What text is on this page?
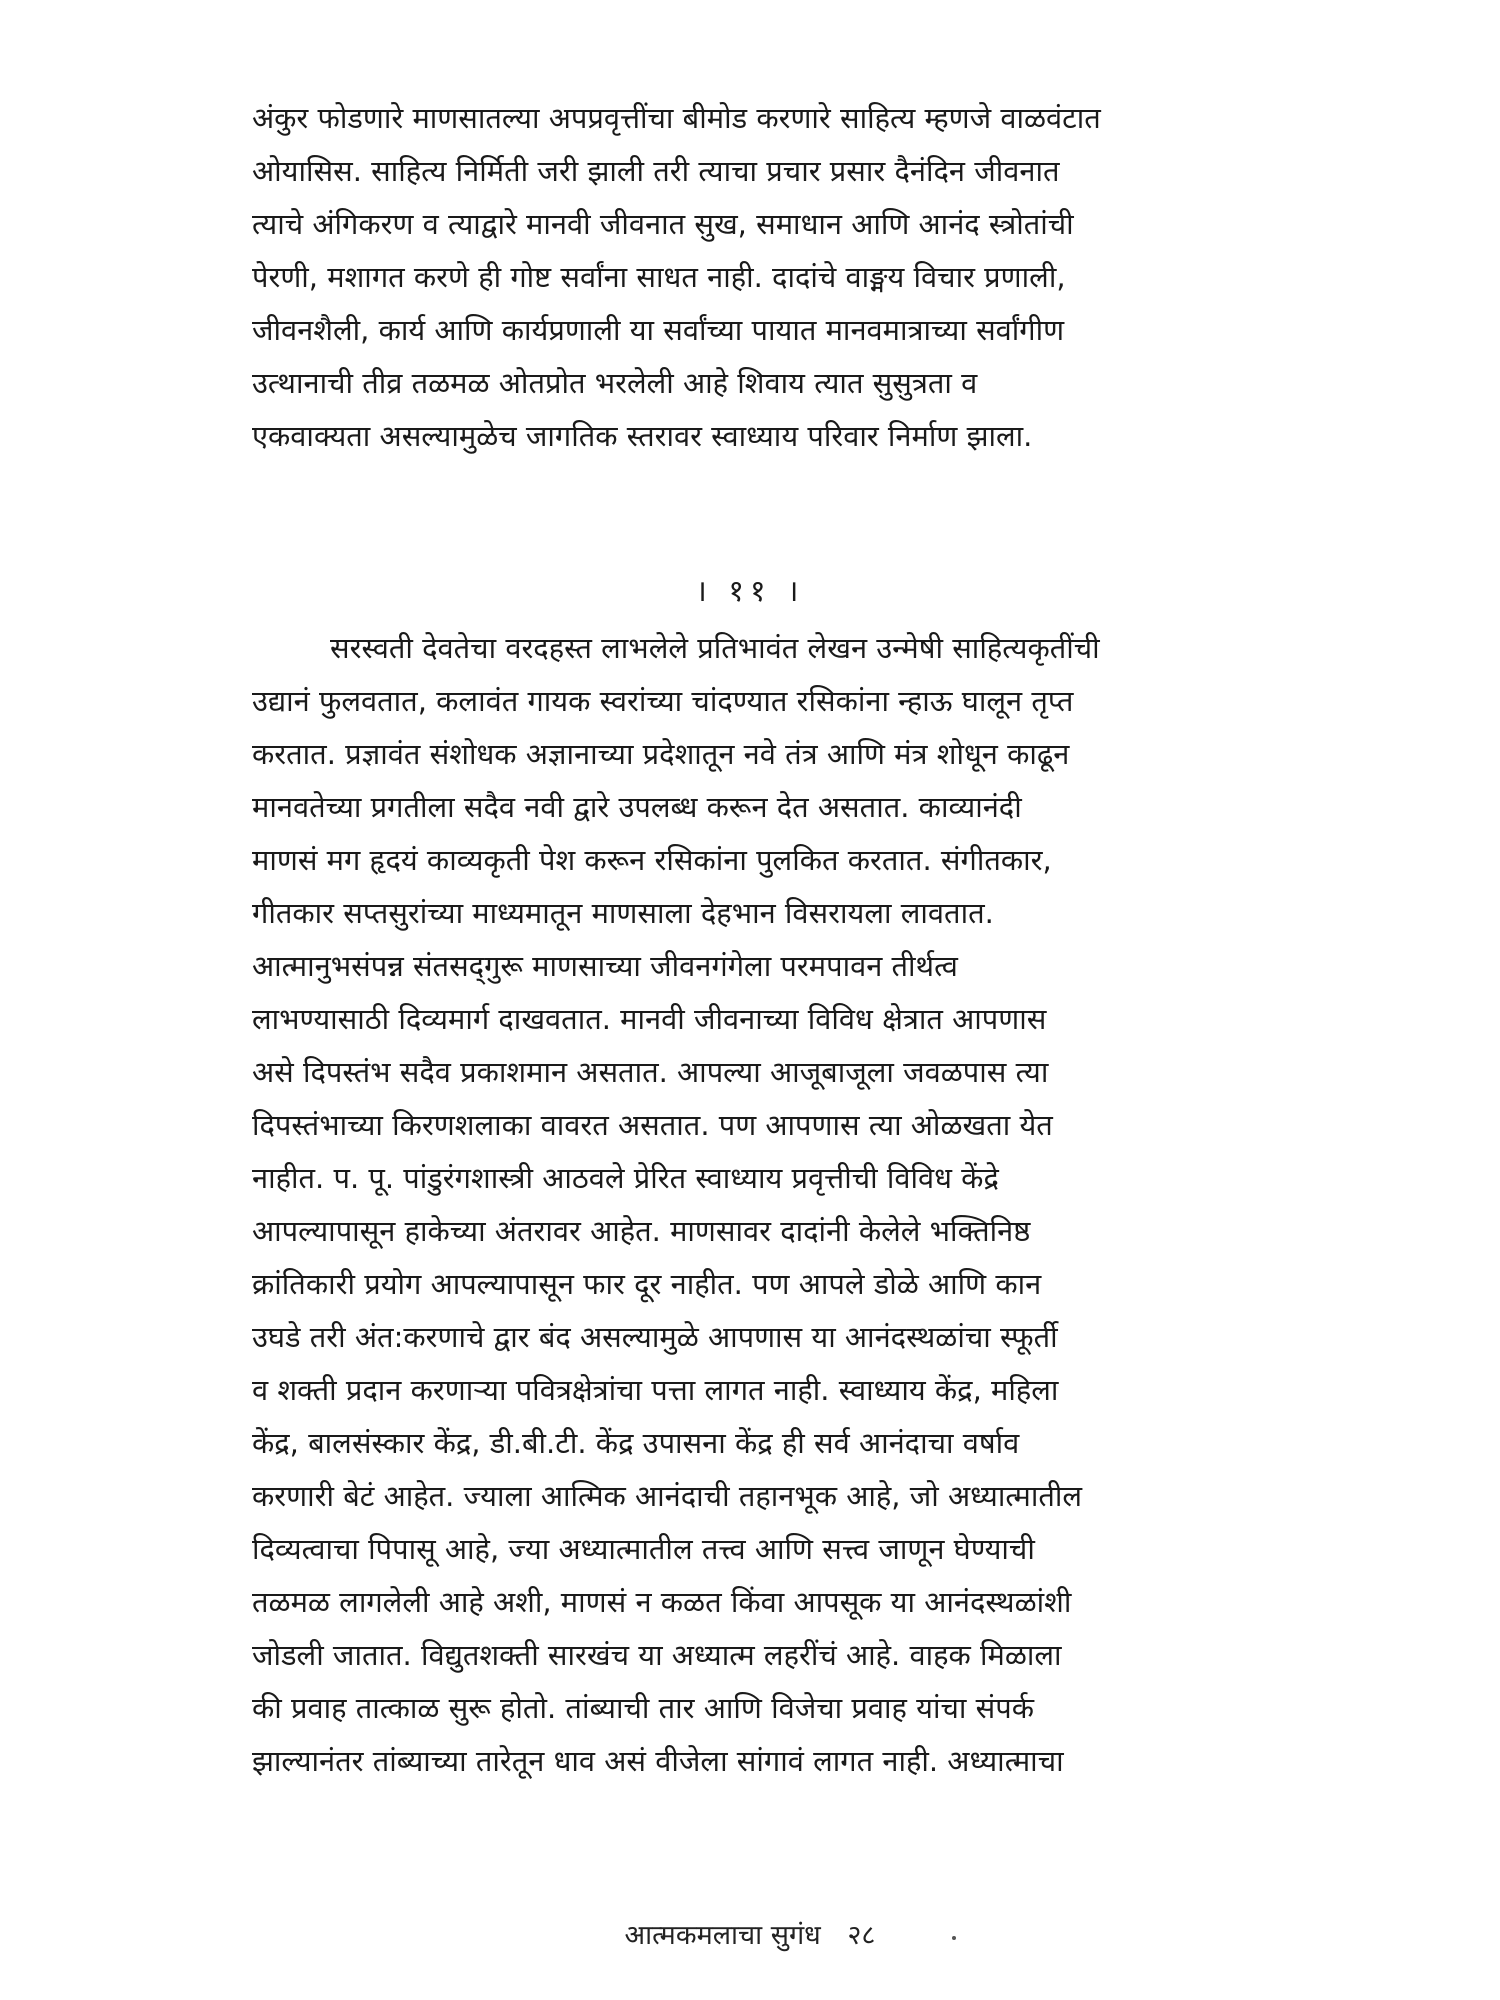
अंकुर फोडणारे माणसातल्या अपप्रवृत्तींचा बीमोड करणारे साहित्य म्हणजे वाळवंटात
ओयासिस. साहित्य निर्मिती जरी झाली तरी त्याचा प्रचार प्रसार दैनंदिन जीवनात
त्याचे अंगिकरण व त्याद्वारे मानवी जीवनात सुख, समाधान आणि आनंद स्त्रोतांची
पेरणी, मशागत करणे ही गोष्ट सर्वांना साधत नाही. दादांचे वाङ्मय विचार प्रणाली,
जीवनशैली, कार्य आणि कार्यप्रणाली या सर्वांच्या पायात मानवमात्राच्या सर्वांगीण
उत्थानाची तीव्र तळमळ ओतप्रोत भरलेली आहे शिवाय त्यात सुसुत्रता व
एकवाक्यता असल्यामुळेच जागतिक स्तरावर स्वाध्याय परिवार निर्माण झाला.
। ११ ।
सरस्वती देवतेचा वरदहस्त लाभलेले प्रतिभावंत लेखन उन्मेषी साहित्यकृतींची
उद्यानं फुलवतात, कलावंत गायक स्वरांच्या चांदण्यात रसिकांना न्हाऊ घालून तृप्त
करतात. प्रज्ञावंत संशोधक अज्ञानाच्या प्रदेशातून नवे तंत्र आणि मंत्र शोधून काढून
मानवतेच्या प्रगतीला सदैव नवी द्वारे उपलब्ध करून देत असतात. काव्यानंदी
माणसं मग हृदयं काव्यकृती पेश करून रसिकांना पुलकित करतात. संगीतकार,
गीतकार सप्तसुरांच्या माध्यमातून माणसाला देहभान विसरायला लावतात.
आत्मानुभसंपन्न संतसद्‌गुरू माणसाच्या जीवनगंगेला परमपावन तीर्थत्व
लाभण्यासाठी दिव्यमार्ग दाखवतात. मानवी जीवनाच्या विविध क्षेत्रात आपणास
असे दिपस्तंभ सदैव प्रकाशमान असतात. आपल्या आजूबाजूला जवळपास त्या
दिपस्तंभाच्या किरणशलाका वावरत असतात. पण आपणास त्या ओळखता येत
नाहीत. प. पू. पांडुरंगशास्त्री आठवले प्रेरित स्वाध्याय प्रवृत्तीची विविध केंद्रे
आपल्यापासून हाकेच्या अंतरावर आहेत. माणसावर दादांनी केलेले भक्तिनिष्ठ
क्रांतिकारी प्रयोग आपल्यापासून फार दूर नाहीत. पण आपले डोळे आणि कान
उघडे तरी अंत:करणाचे द्वार बंद असल्यामुळे आपणास या आनंदस्थळांचा स्फूर्ती
व शक्ती प्रदान करणाऱ्या पवित्रक्षेत्रांचा पत्ता लागत नाही. स्वाध्याय केंद्र, महिला
केंद्र, बालसंस्कार केंद्र, डी.बी.टी. केंद्र उपासना केंद्र ही सर्व आनंदाचा वर्षाव
करणारी बेटं आहेत. ज्याला आत्मिक आनंदाची तहानभूक आहे, जो अध्यात्मातील
दिव्यत्वाचा पिपासू आहे, ज्या अध्यात्मातील तत्त्व आणि सत्त्व जाणून घेण्याची
तळमळ लागलेली आहे अशी, माणसं न कळत किंवा आपसूक या आनंदस्थळांशी
जोडली जातात. विद्युतशक्ती सारखंच या अध्यात्म लहरींचं आहे. वाहक मिळाला
की प्रवाह तात्काळ सुरू होतो. तांब्याची तार आणि विजेचा प्रवाह यांचा संपर्क
झाल्यानंतर तांब्याच्या तारेतून धाव असं वीजेला सांगावं लागत नाही. अध्यात्माचा
आत्मकमलाचा सुगंध २८
